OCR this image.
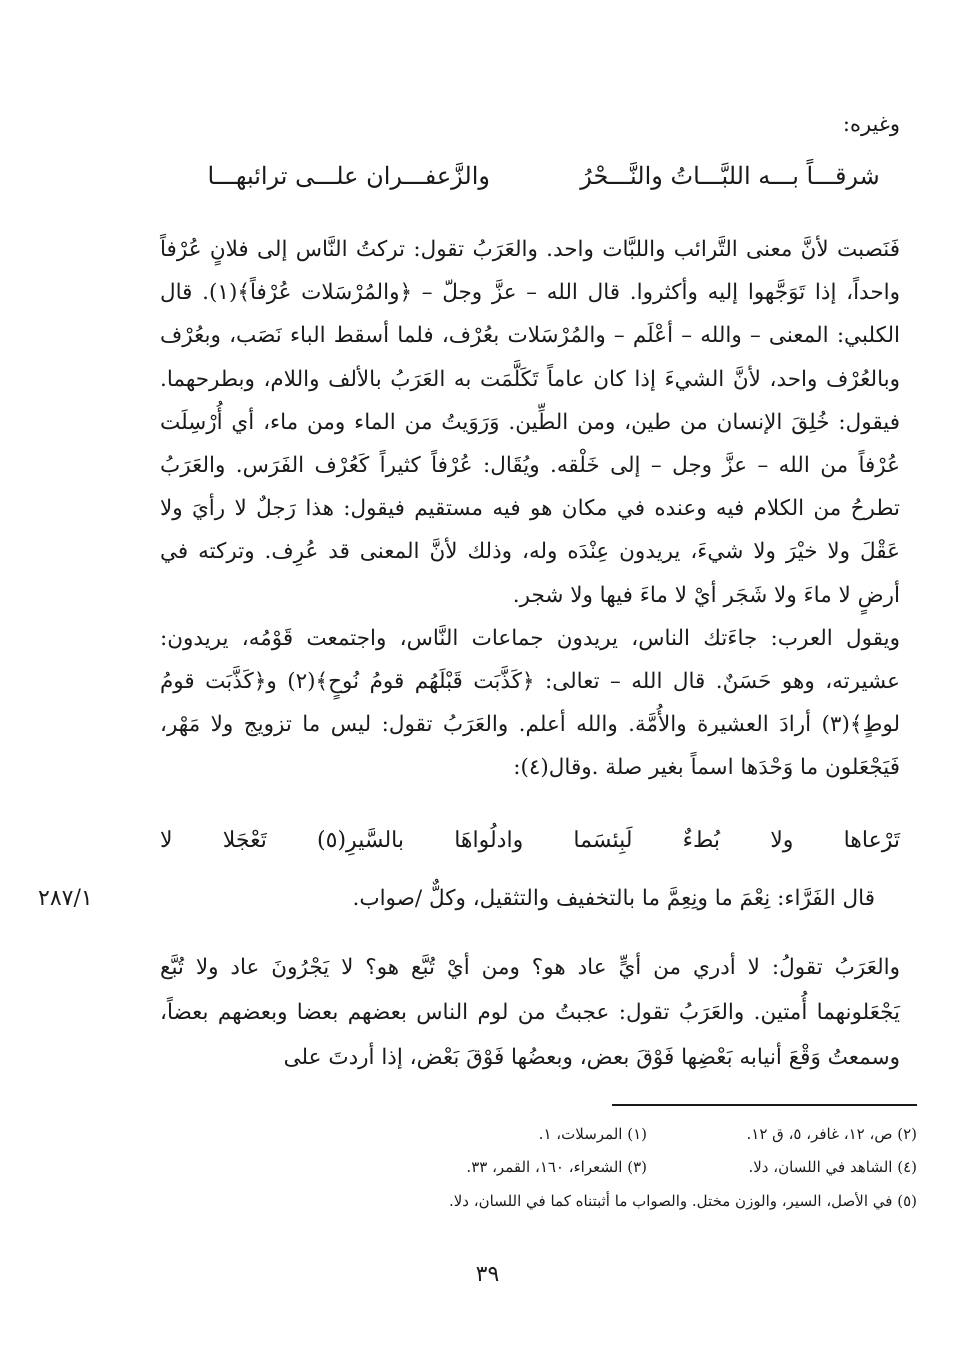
وغيره:
والزَّعفـــران علـــى ترائبهـــا	شرقـــاً بـــه اللبَّـــاتُ والنَّـــحْرُ

فَنَصبت لأنَّ معنى التَّرائب واللبَّات واحد. والعَرَبُ تقول: تركتُ النَّاس إلى فلانٍ عُرْفاً واحداً، إذا تَوَجَّهوا إليه وأكثروا. قال الله – عزَّ وجلّ – ﴿والمُرْسَلات عُرْفاً﴾(١). قال الكلبي: المعنى – والله – أعْلَم – والمُرْسَلات بعُرْف، فلما أسقط الباء نَصَب، وبعُرْف وبالعُرْف واحد، لأنَّ الشيءَ إذا كان عاماً تَكَلَّمَت به العَرَبُ بالألف واللام، وبطرحهما. فيقول: خُلِقَ الإنسان من طين، ومن الطِّين. وَرَوَيتُ من الماء ومن ماء، أي أُرْسِلَت عُرْفاً من الله – عزَّ وجل – إلى خَلْقه. ويُقَال: عُرْفاً كثيراً كَعُرْف الفَرَس. والعَرَبُ تطرحُ من الكلام فيه وعنده في مكان هو فيه مستقيم فيقول: هذا رَجلٌ لا رأيَ ولا عَقْلَ ولا خيْرَ ولا شيءَ، يريدون عِنْدَه وله، وذلك لأنَّ المعنى قد عُرِف. وتركته في أرضٍ لا ماءَ ولا شَجَر أيْ لا ماءَ فيها ولا شجر.

ويقول العرب: جاءَتك الناس، يريدون جماعات النَّاس، واجتمعت قَوْمُه، يريدون: عشيرته، وهو حَسَنٌ. قال الله – تعالى: ﴿كَذَّبَت قَبْلَهُم قومُ نُوحٍ﴾(٢) و﴿كَذَّبَت قومُ لوطٍ﴾(٣) أرادَ العشيرة والأُمَّة. والله أعلم. والعَرَبُ تقول: ليس ما تزويج ولا مَهْر، فَيَجْعَلون ما وَحْدَها اسماً بغير صلة .وقال(٤):

لا تَعْجَلا بالسَّيرِ(٥) وادلُواهَا لَبِئسَما بُطءٌ ولا تَرْعاها
قال الفَرَّاء: نِعْمَ ما ونِعِمَّ ما بالتخفيف والتثقيل، وكلٌّ /صواب.
٢٨٧/١

والعَرَبُ تقولُ: لا أدري من أيٍّ عاد هو؟ ومن أيْ تُبَّع هو؟ لا يَجْرُونَ عاد ولا تُبَّع يَجْعَلونهما أُمتين. والعَرَبُ تقول: عجبتُ من لوم الناس بعضهم بعضا وبعضهم بعضاً، وسمعتُ وَقْعَ أنيابه بَعْضِها فَوْقَ بعض، وبعضُها فَوْقَ بَعْض، إذا أردتَ على

(١) المرسلات، ١.	(٢) ص، ١٢، غافر، ٥، ق ١٢.
(٣) الشعراء، ١٦٠، القمر، ٣٣.	(٤) الشاهد في اللسان، دلا.
(٥) في الأصل، السير، والوزن مختل. والصواب ما أثبتناه كما في اللسان، دلا.
٣٩
